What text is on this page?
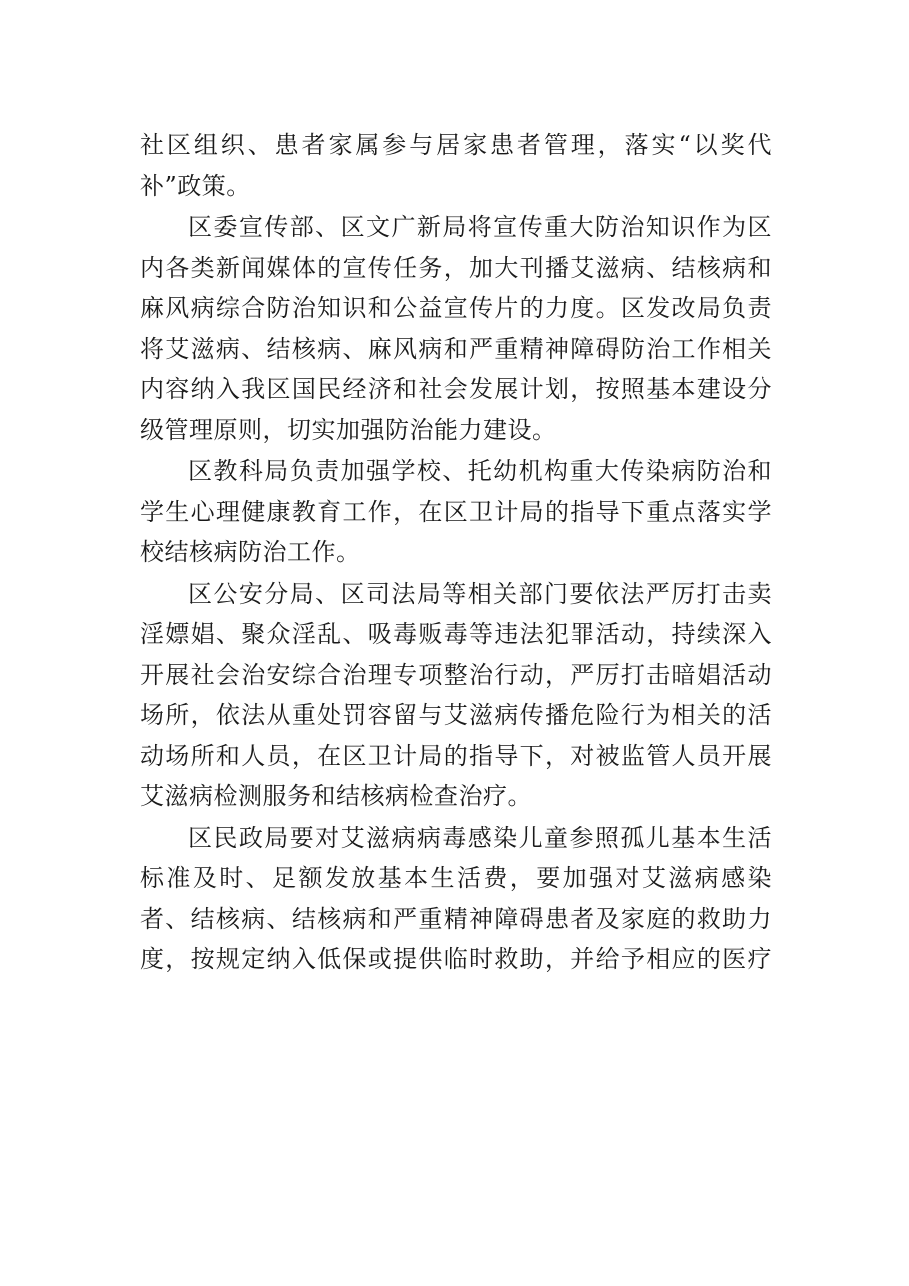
社区组织、患者家属参与居家患者管理，落实“以奖代
补”政策。
区委宣传部、区文广新局将宣传重大防治知识作为区
内各类新闻媒体的宣传任务，加大刊播艾滋病、结核病和
麻风病综合防治知识和公益宣传片的力度。区发改局负责
将艾滋病、结核病、麻风病和严重精神障碍防治工作相关
内容纳入我区国民经济和社会发展计划，按照基本建设分
级管理原则，切实加强防治能力建设。
区教科局负责加强学校、托幼机构重大传染病防治和
学生心理健康教育工作，在区卫计局的指导下重点落实学
校结核病防治工作。
区公安分局、区司法局等相关部门要依法严厉打击卖
淫嫖娼、聚众淫乱、吸毒贩毒等违法犯罪活动，持续深入
开展社会治安综合治理专项整治行动，严厉打击暗娼活动
场所，依法从重处罚容留与艾滋病传播危险行为相关的活
动场所和人员，在区卫计局的指导下，对被监管人员开展
艾滋病检测服务和结核病检查治疗。
区民政局要对艾滋病病毒感染儿童参照孤儿基本生活
标准及时、足额发放基本生活费，要加强对艾滋病感染
者、结核病、结核病和严重精神障碍患者及家庭的救助力
度，按规定纳入低保或提供临时救助，并给予相应的医疗
